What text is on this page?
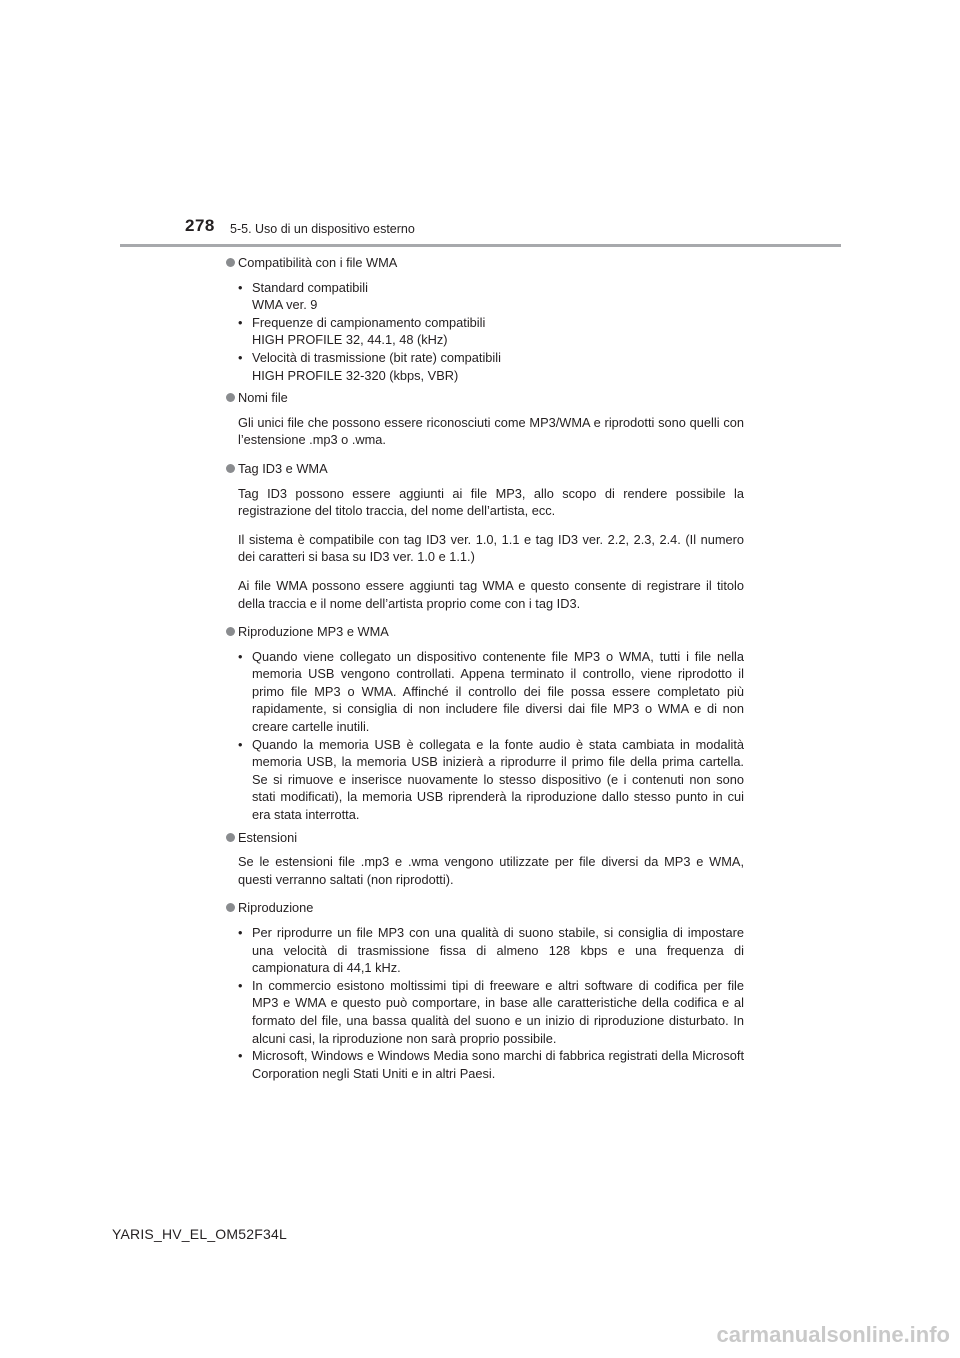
278 5-5. Uso di un dispositivo esterno
Compatibilità con i file WMA
• Standard compatibili
WMA ver. 9
• Frequenze di campionamento compatibili
HIGH PROFILE 32, 44.1, 48 (kHz)
• Velocità di trasmissione (bit rate) compatibili
HIGH PROFILE 32-320 (kbps, VBR)
Nomi file
Gli unici file che possono essere riconosciuti come MP3/WMA e riprodotti sono quelli con l’estensione .mp3 o .wma.
Tag ID3 e WMA
Tag ID3 possono essere aggiunti ai file MP3, allo scopo di rendere possibile la registrazione del titolo traccia, del nome dell’artista, ecc.
Il sistema è compatibile con tag ID3 ver. 1.0, 1.1 e tag ID3 ver. 2.2, 2.3, 2.4. (Il numero dei caratteri si basa su ID3 ver. 1.0 e 1.1.)
Ai file WMA possono essere aggiunti tag WMA e questo consente di registrare il titolo della traccia e il nome dell’artista proprio come con i tag ID3.
Riproduzione MP3 e WMA
• Quando viene collegato un dispositivo contenente file MP3 o WMA, tutti i file nella memoria USB vengono controllati. Appena terminato il controllo, viene riprodotto il primo file MP3 o WMA. Affinché il controllo dei file possa essere completato più rapidamente, si consiglia di non includere file diversi dai file MP3 o WMA e di non creare cartelle inutili.
• Quando la memoria USB è collegata e la fonte audio è stata cambiata in modalità memoria USB, la memoria USB inizierà a riprodurre il primo file della prima cartella. Se si rimuove e inserisce nuovamente lo stesso dispositivo (e i contenuti non sono stati modificati), la memoria USB riprenderà la riproduzione dallo stesso punto in cui era stata interrotta.
Estensioni
Se le estensioni file .mp3 e .wma vengono utilizzate per file diversi da MP3 e WMA, questi verranno saltati (non riprodotti).
Riproduzione
• Per riprodurre un file MP3 con una qualità di suono stabile, si consiglia di impostare una velocità di trasmissione fissa di almeno 128 kbps e una frequenza di campionatura di 44,1 kHz.
• In commercio esistono moltissimi tipi di freeware e altri software di codifica per file MP3 e WMA e questo può comportare, in base alle caratteristiche della codifica e al formato del file, una bassa qualità del suono e un inizio di riproduzione disturbato. In alcuni casi, la riproduzione non sarà proprio possibile.
• Microsoft, Windows e Windows Media sono marchi di fabbrica registrati della Microsoft Corporation negli Stati Uniti e in altri Paesi.
YARIS_HV_EL_OM52F34L
carmanualsonline.info
